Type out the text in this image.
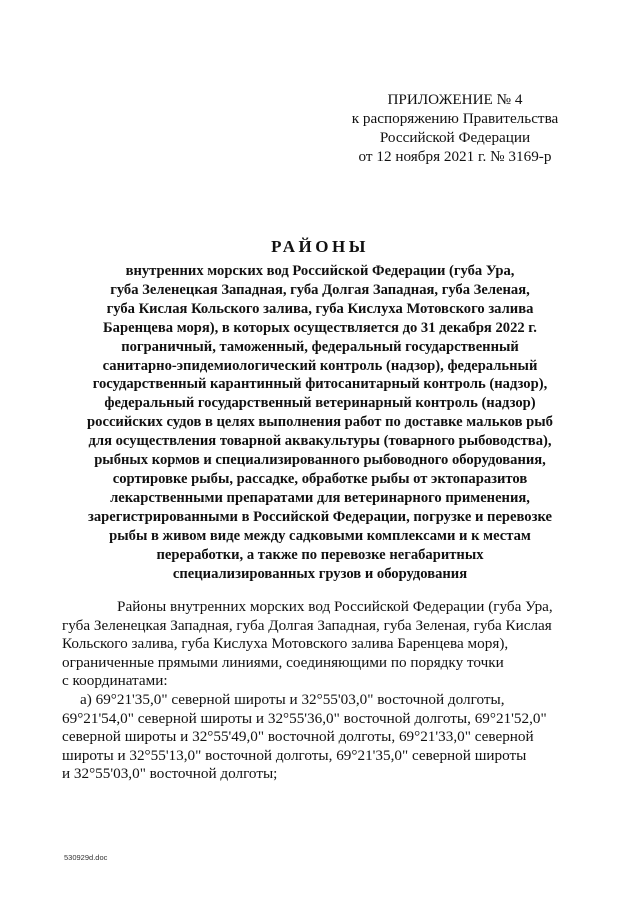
ПРИЛОЖЕНИЕ № 4
к распоряжению Правительства
Российской Федерации
от 12 ноября 2021 г. № 3169-р
РАЙОНЫ
внутренних морских вод Российской Федерации (губа Ура,
губа Зеленецкая Западная, губа Долгая Западная, губа Зеленая,
губа Кислая Кольского залива, губа Кислуха Мотовского залива
Баренцева моря), в которых осуществляется до 31 декабря 2022 г.
пограничный, таможенный, федеральный государственный
санитарно-эпидемиологический контроль (надзор), федеральный
государственный карантинный фитосанитарный контроль (надзор),
федеральный государственный ветеринарный контроль (надзор)
российских судов в целях выполнения работ по доставке мальков рыб
для осуществления товарной аквакультуры (товарного рыбоводства),
рыбных кормов и специализированного рыбоводного оборудования,
сортировке рыбы, рассадке, обработке рыбы от эктопаразитов
лекарственными препаратами для ветеринарного применения,
зарегистрированными в Российской Федерации, погрузке и перевозке
рыбы в живом виде между садковыми комплексами и к местам
переработки, а также по перевозке негабаритных
специализированных грузов и оборудования
Районы внутренних морских вод Российской Федерации (губа Ура,
губа Зеленецкая Западная, губа Долгая Западная, губа Зеленая, губа Кислая
Кольского залива, губа Кислуха Мотовского залива Баренцева моря),
ограниченные прямыми линиями, соединяющими по порядку точки
с координатами:
а) 69°21'35,0" северной широты и 32°55'03,0" восточной долготы,
69°21'54,0" северной широты и 32°55'36,0" восточной долготы, 69°21'52,0"
северной широты и 32°55'49,0" восточной долготы, 69°21'33,0" северной
широты и 32°55'13,0" восточной долготы, 69°21'35,0" северной широты
и 32°55'03,0" восточной долготы;
530929d.doc
